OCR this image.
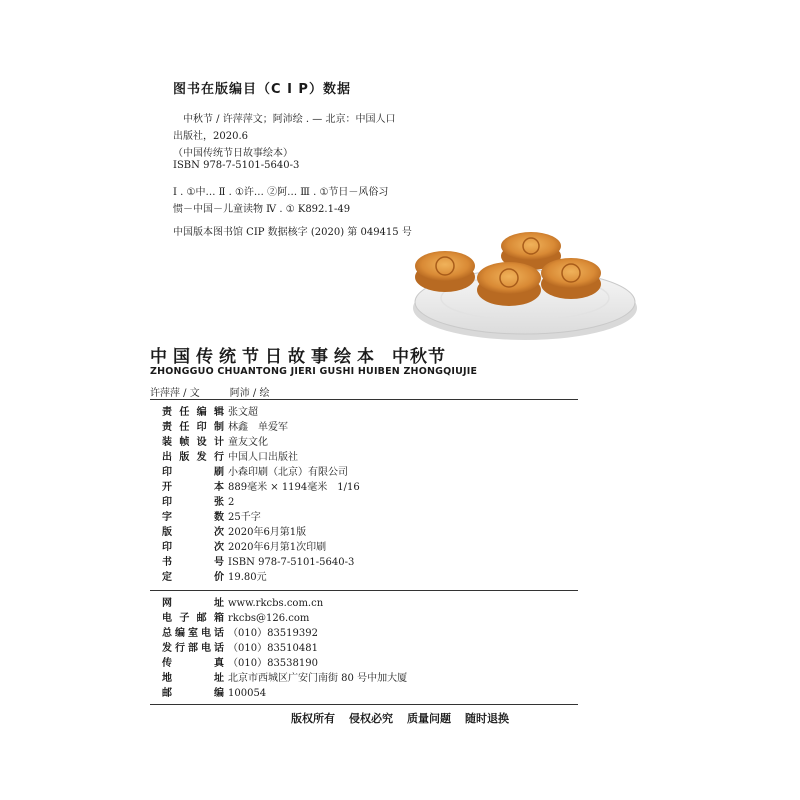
图书在版编目（C I P）数据
中秋节 / 许萍萍文；阿沛绘 . — 北京：中国人口
出版社，2020.6
（中国传统节日故事绘本）
ISBN 978-7-5101-5640-3
Ⅰ . ①中… Ⅱ . ①许… ②阿… Ⅲ . ①节日－风俗习
惯－中国－儿童读物 Ⅳ . ① K892.1-49
中国版本图书馆 CIP 数据核字 (2020) 第 049415 号
中国传统节日故事绘本 中秋节
ZHONGGUO CHUANTONG JIERI GUSHI HUIBEN ZHONGQIUJIE
许萍萍 / 文	阿沛 / 绘
责任编辑 张文超
责任印制 林鑫　单爱军
装帧设计 童友文化
出版发行 中国人口出版社
印刷 小森印刷（北京）有限公司
开本 889毫米 × 1194毫米　1/16
印张 2
字数 25千字
版次 2020年6月第1版
印次 2020年6月第1次印刷
书号 ISBN 978-7-5101-5640-3
定价 19.80元
网址 www.rkcbs.com.cn
电子邮箱 rkcbs@126.com
总编室电话 （010）83519392
发行部电话 （010）83510481
传真 （010）83538190
地址 北京市西城区广安门南街 80 号中加大厦
邮编 100054
版权所有 侵权必究 质量问题 随时退换
